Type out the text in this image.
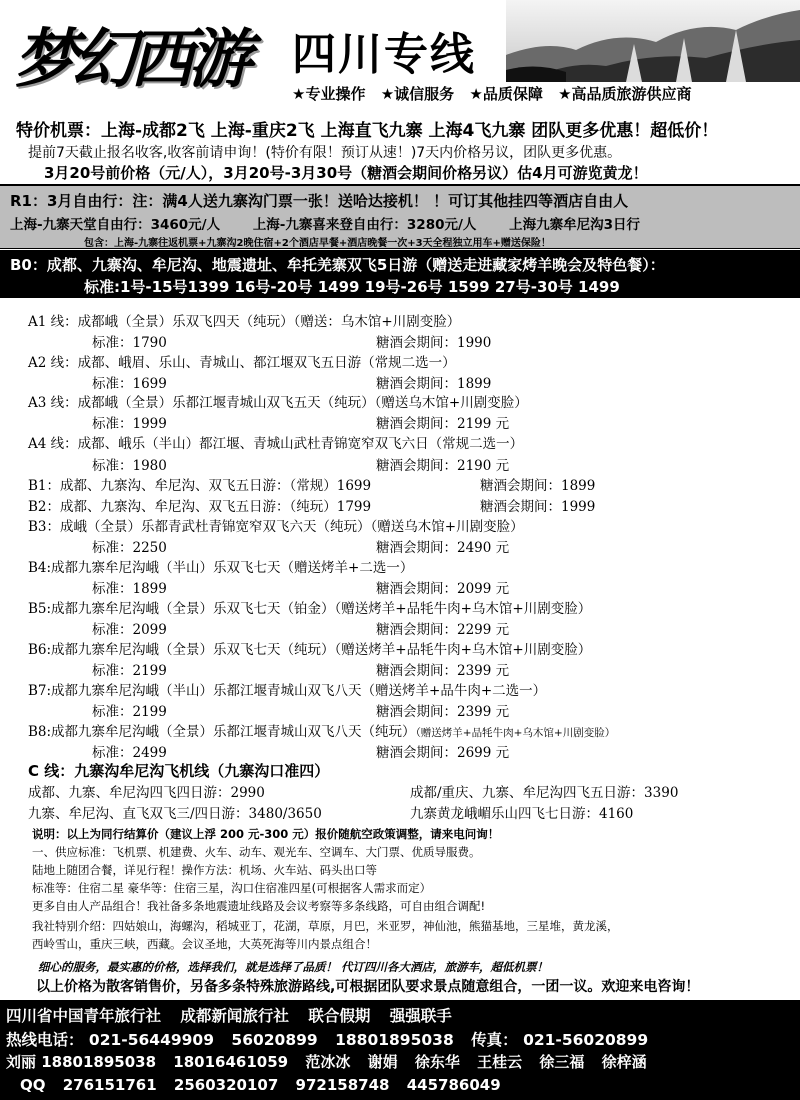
梦幻西游 四川专线
★专业操作 ★诚信服务 ★品质保障 ★高品质旅游供应商
特价机票：上海-成都2飞 上海-重庆2飞 上海直飞九寨 上海4飞九寨 团队更多优惠！超低价！
提前7天截止报名收客,收客前请申询！(特价有限！预订从速！)7天内价格另议，团队更多优惠。
3月20号前价格（元/人），3月20号-3月30号（糖酒会期间价格另议）估4月可游览黄龙！
R1：3月自由行：注：满4人送九寨沟门票一张！送哈达接机！ ！可订其他挂四等酒店自由人
上海-九寨天堂自由行：3460元/人 上海-九寨喜来登自由行：3280元/人 上海九寨牟尼沟3日行
包含：上海-九寨往返机票+九寨沟2晚住宿+2个酒店早餐+酒店晚餐一次+3天全程独立用车+赠送保险！
B0：成都、九寨沟、牟尼沟、地震遗址、牟托羌寨双飞5日游（赠送走进藏家烤羊晚会及特色餐）：
标准:1号-15号1399 16号-20号 1499 19号-26号 1599 27号-30号 1499
A1 线：成都峨（全景）乐双飞四天（纯玩）（赠送：乌木馆+川剧变脸）
标准：1790	糖酒会期间：1990
A2 线：成都、峨眉、乐山、青城山、都江堰双飞五日游（常规二选一）
标准：1699	糖酒会期间：1899
A3 线：成都峨（全景）乐都江堰青城山双飞五天（纯玩）（赠送乌木馆+川剧变脸）
标准：1999	糖酒会期间：2199 元
A4 线：成都、峨乐（半山）都江堰、青城山武杜青锦宽窄双飞六日（常规二选一）
标准：1980	糖酒会期间：2190 元
B1：成都、九寨沟、牟尼沟、双飞五日游：（常规）1699	糖酒会期间：1899
B2：成都、九寨沟、牟尼沟、双飞五日游：（纯玩）1799	糖酒会期间：1999
B3：成峨（全景）乐都青武杜青锦宽窄双飞六天（纯玩）（赠送乌木馆+川剧变脸）
标准：2250	糖酒会期间：2490 元
B4:成都九寨牟尼沟峨（半山）乐双飞七天（赠送烤羊+二选一）
标准：1899	糖酒会期间：2099 元
B5:成都九寨牟尼沟峨（全景）乐双飞七天（铂金）（赠送烤羊+品牦牛肉+乌木馆+川剧变脸）
标准：2099	糖酒会期间：2299 元
B6:成都九寨牟尼沟峨（全景）乐双飞七天（纯玩）（赠送烤羊+品牦牛肉+乌木馆+川剧变脸）
标准：2199	糖酒会期间：2399 元
B7:成都九寨牟尼沟峨（半山）乐都江堰青城山双飞八天（赠送烤羊+品牛肉+二选一）
标准：2199	糖酒会期间：2399 元
B8:成都九寨牟尼沟峨（全景）乐都江堰青城山双飞八天（纯玩）（赠送烤羊+品牦牛肉+乌木馆+川剧变脸）
标准：2499	糖酒会期间：2699 元
C 线：九寨沟牟尼沟飞机线（九寨沟口准四）
成都、九寨、牟尼沟四飞四日游：2990	成都/重庆、九寨、牟尼沟四飞五日游：3390
九寨、牟尼沟、直飞双飞三/四日游：3480/3650	九寨黄龙峨嵋乐山四飞七日游：4160
说明：以上为同行结算价（建议上浮 200 元-300 元）报价随航空政策调整，请来电问询！
一、供应标准：飞机票、机建费、火车、动车、观光车、空调车、大门票、优质导服费。
陆地上随团合餐，详见行程！操作方法：机场、火车站、码头出口等
标准等：住宿二星 豪华等：住宿三星，沟口住宿准四星(可根据客人需求而定）
更多自由人产品组合！我社备多条地震遗址线路及会议考察等多条线路，可自由组合调配!
我社特别介绍：四姑娘山，海螺沟，稻城亚丁，花湖，草原，月巴，米亚罗，神仙池，熊猫基地，三星堆，黄龙溪，
西岭雪山，重庆三峡，西藏。会议圣地，大英死海等川内景点组合！
细心的服务，最实惠的价格，选择我们，就是选择了品质！ 代订四川各大酒店，旅游车，超低机票！
以上价格为散客销售价，另备多条特殊旅游路线,可根据团队要求景点随意组合，一团一议。欢迎来电咨询！
四川省中国青年旅行社 成都新闻旅行社 联合假期 强强联手
热线电话： 021-56449909 56020899 18801895038 传真： 021-56020899
刘丽 18801895038 18016461059 范冰冰 谢娟 徐东华 王桂云 徐三福 徐梓涵
QQ 276151761 2560320107 972158748 445786049
